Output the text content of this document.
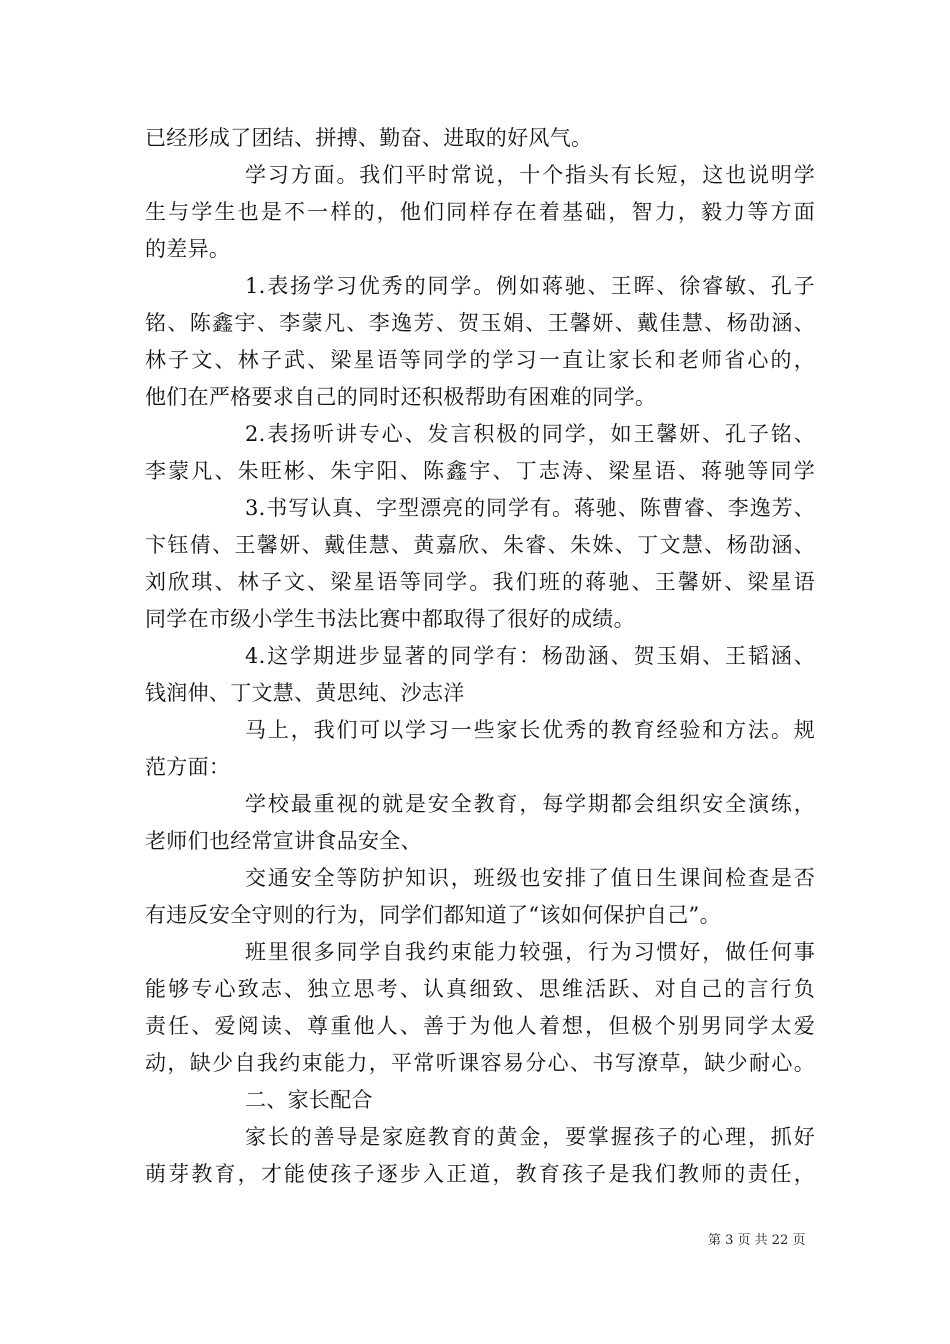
已经形成了团结、拼搏、勤奋、进取的好风气。
学习方面。我们平时常说，十个指头有长短，这也说明学
生与学生也是不一样的，他们同样存在着基础，智力，毅力等方面
的差异。
1.表扬学习优秀的同学。例如蒋驰、王晖、徐睿敏、孔子
铭、陈鑫宇、李蒙凡、李逸芳、贺玉娟、王馨妍、戴佳慧、杨劭涵、
林子文、林子武、梁星语等同学的学习一直让家长和老师省心的，
他们在严格要求自己的同时还积极帮助有困难的同学。
2.表扬听讲专心、发言积极的同学，如王馨妍、孔子铭、
李蒙凡、朱旺彬、朱宇阳、陈鑫宇、丁志涛、梁星语、蒋驰等同学
3.书写认真、字型漂亮的同学有。蒋驰、陈曹睿、李逸芳、
卞钰倩、王馨妍、戴佳慧、黄嘉欣、朱睿、朱姝、丁文慧、杨劭涵、
刘欣琪、林子文、梁星语等同学。我们班的蒋驰、王馨妍、梁星语
同学在市级小学生书法比赛中都取得了很好的成绩。
4.这学期进步显著的同学有：杨劭涵、贺玉娟、王韬涵、
钱润伸、丁文慧、黄思纯、沙志洋
马上，我们可以学习一些家长优秀的教育经验和方法。规
范方面：
学校最重视的就是安全教育，每学期都会组织安全演练，
老师们也经常宣讲食品安全、
交通安全等防护知识，班级也安排了值日生课间检查是否
有违反安全守则的行为，同学们都知道了“该如何保护自己”。
班里很多同学自我约束能力较强，行为习惯好，做任何事
能够专心致志、独立思考、认真细致、思维活跃、对自己的言行负
责任、爱阅读、尊重他人、善于为他人着想，但极个别男同学太爱
动，缺少自我约束能力，平常听课容易分心、书写潦草，缺少耐心。
二、家长配合
家长的善导是家庭教育的黄金，要掌握孩子的心理，抓好
萌芽教育，才能使孩子逐步入正道，教育孩子是我们教师的责任，
第 3 页 共 22 页
